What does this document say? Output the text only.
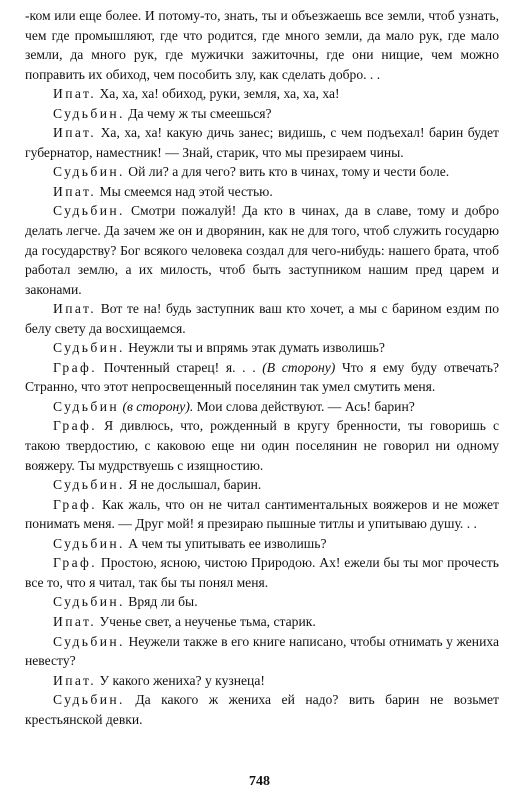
-ком или еще более. И потому-то, знать, ты и объезжаешь все земли, чтоб узнать, чем где промышляют, где что родится, где много земли, да мало рук, где мало земли, да много рук, где мужички зажиточны, где они нищие, чем можно поправить их обиход, чем пособить злу, как сделать добро. . .
Ипат. Ха, ха, ха! обиход, руки, земля, ха, ха, ха!
Судьбин. Да чему ж ты смеешься?
Ипат. Ха, ха, ха! какую дичь занес; видишь, с чем подъехал! барин будет губернатор, наместник! — Знай, старик, что мы презираем чины.
Судьбин. Ой ли? а для чего? вить кто в чинах, тому и чести боле.
Ипат. Мы смеемся над этой честью.
Судьбин. Смотри пожалуй! Да кто в чинах, да в славе, тому и добро делать легче. Да зачем же он и дворянин, как не для того, чтоб служить государю да государству? Бог всякого человека создал для чего-нибудь: нашего брата, чтоб работал землю, а их милость, чтоб быть заступником нашим пред царем и законами.
Ипат. Вот те на! будь заступник ваш кто хочет, а мы с барином ездим по белу свету да восхищаемся.
Судьбин. Неужли ты и впрямь этак думать изволишь?
Граф. Почтенный старец! я. . . (В сторону) Что я ему буду отвечать? Странно, что этот непросвещенный поселянин так умел смутить меня.
Судьбин (в сторону). Мои слова действуют. — Ась! барин?
Граф. Я дивлюсь, что, рожденный в кругу бренности, ты говоришь с такою твердостию, с каковою еще ни один поселянин не говорил ни одному вояжеру. Ты мудрствуешь с изящностию.
Судьбин. Я не дослышал, барин.
Граф. Как жаль, что он не читал сантиментальных вояжеров и не может понимать меня. — Друг мой! я презираю пышные титлы и упитываю душу. . .
Судьбин. А чем ты упитывать ее изволишь?
Граф. Простою, ясною, чистою Природою. Ах! ежели бы ты мог прочесть все то, что я читал, так бы ты понял меня.
Судьбин. Вряд ли бы.
Ипат. Ученье свет, а неученье тьма, старик.
Судьбин. Неужели также в его книге написано, чтобы отнимать у жениха невесту?
Ипат. У какого жениха? у кузнеца!
Судьбин. Да какого ж жениха ей надо? вить барин не возьмет крестьянской девки.
748
